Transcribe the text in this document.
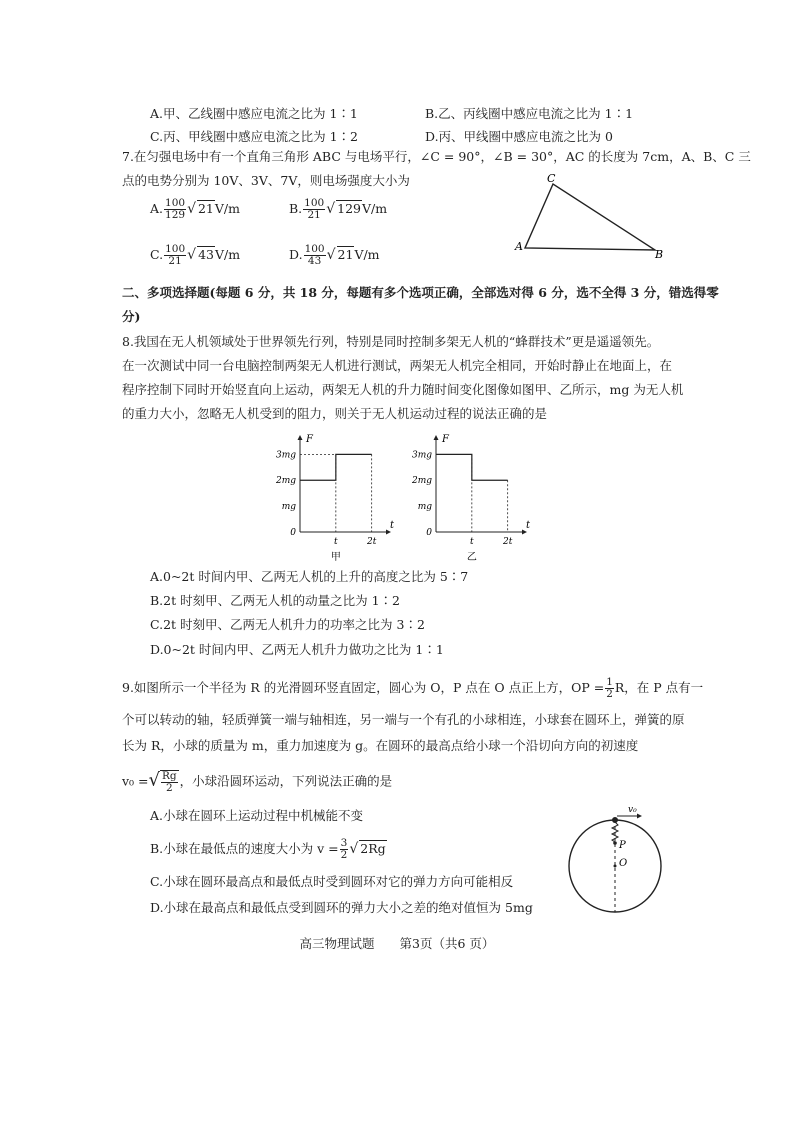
A.甲、乙线圈中感应电流之比为 1∶1	B.乙、丙线圈中感应电流之比为 1∶1
C.丙、甲线圈中感应电流之比为 1∶2	D.丙、甲线圈中感应电流之比为 0
7.在匀强电场中有一个直角三角形 ABC 与电场平行，∠C = 90°，∠B = 30°，AC 的长度为 7cm，A、B、C 三
点的电势分别为 10V、3V、7V，则电场强度大小为
A. $\frac{100}{129}$ √ 21V/m	B. $\frac{100}{21}$ √ 129V/m
C. $\frac{100}{21}$ √ 43V/m	D. $\frac{100}{43}$ √ 21V/m
C
A
B
二、多项选择题(每题 6 分，共 18 分，每题有多个选项正确，全部选对得 6 分，选不全得 3 分，错选得零
分)
8.我国在无人机领域处于世界领先行列，特别是同时控制多架无人机的“蜂群技术”更是遥遥领先。
在一次测试中同一台电脑控制两架无人机进行测试，两架无人机完全相同，开始时静止在地面上，在
程序控制下同时开始竖直向上运动，两架无人机的升力随时间变化图像如图甲、乙所示，mg 为无人机
的重力大小，忽略无人机受到的阻力，则关于无人机运动过程的说法正确的是
F
t
3mg
2mg
mg
0
t	2t
甲
F
t
3mg
2mg
mg
0
t	2t
乙
A.0~2t 时间内甲、乙两无人机的上升的高度之比为 5∶7
B.2t 时刻甲、乙两无人机的动量之比为 1∶2
C.2t 时刻甲、乙两无人机升力的功率之比为 3∶2
D.0~2t 时间内甲、乙两无人机升力做功之比为 1∶1
9.如图所示一个半径为 R 的光滑圆环竖直固定，圆心为 O，P 点在 O 点正上方，OP = $\frac{1}{2}$ R，在 P 点有一
个可以转动的轴，轻质弹簧一端与轴相连，另一端与一个有孔的小球相连，小球套在圆环上，弹簧的原
长为 R，小球的质量为 m，重力加速度为 g。在圆环的最高点给小球一个沿切向方向的初速度
v₀ =√ $\frac{Rg}{2}$ ，小球沿圆环运动，下列说法正确的是
A.小球在圆环上运动过程中机械能不变
B.小球在最低点的速度大小为 $v = \frac{3}{2}$ √ 2Rg
C.小球在圆环最高点和最低点时受到圆环对它的弹力方向可能相反
D.小球在最高点和最低点受到圆环的弹力大小之差的绝对值恒为 5mg
v₀
P
O
高三物理试题　　第3页（共6 页）
